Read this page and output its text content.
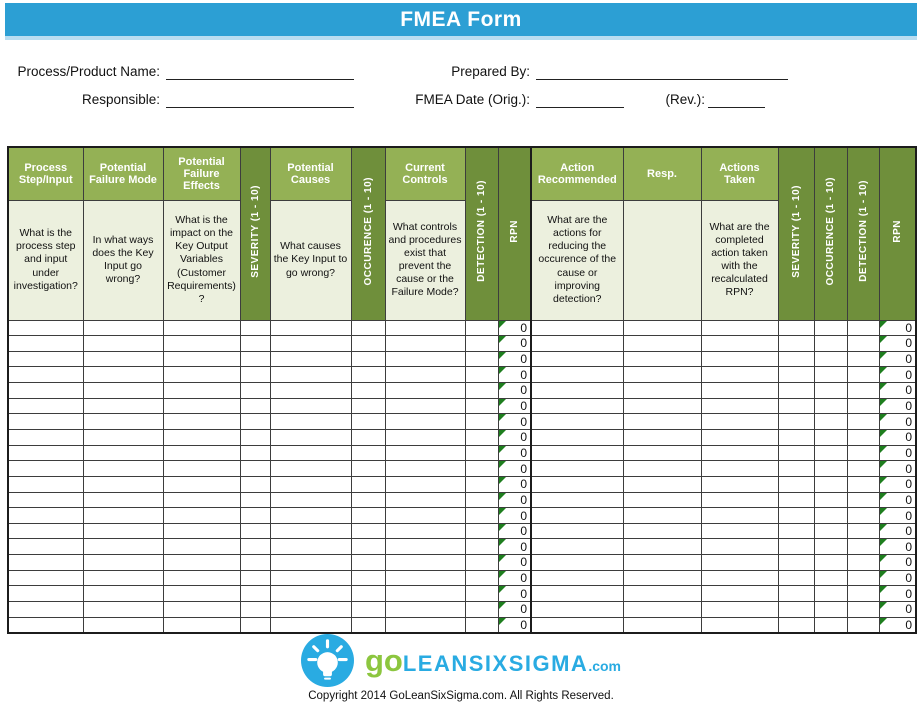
FMEA Form
Process/Product Name:	Prepared By:
Responsible:	FMEA Date (Orig.):	(Rev.):
Process Step/Input	Potential Failure Mode	Potential Failure Effects	SEVERITY (1 - 10)	Potential Causes	OCCURENCE (1 - 10)	Current Controls	DETECTION (1 - 10)	RPN	Action Recommended	Resp.	Actions Taken	SEVERITY (1 - 10)	OCCURENCE (1 - 10)	DETECTION (1 - 10)	RPN
What is the process step and input under investigation?	In what ways does the Key Input go wrong?	What is the impact on the Key Output Variables (Customer Requirements) ?		What causes the Key Input to go wrong?		What controls and procedures exist that prevent the cause or the Failure Mode?			What are the actions for reducing the occurence of the cause or improving detection?		What are the completed action taken with the recalculated RPN?				
								0							0
								0							0
								0							0
								0							0
								0							0
								0							0
								0							0
								0							0
								0							0
								0							0
								0							0
								0							0
								0							0
								0							0
								0							0
								0							0
								0							0
								0							0
								0							0
								0							0
go LEANSIXSIGMA .com
Copyright 2014 GoLeanSixSigma.com. All Rights Reserved.
